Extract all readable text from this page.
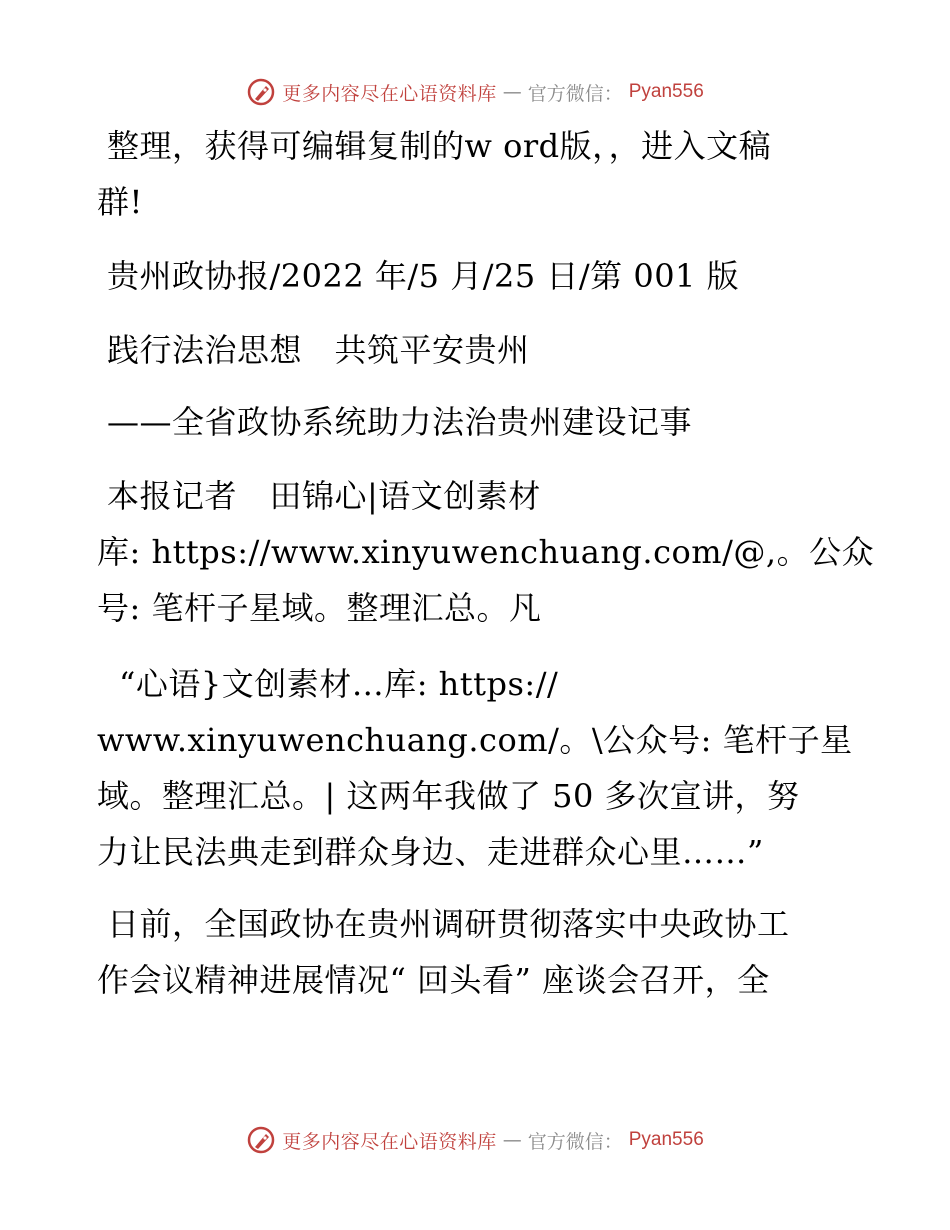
更多内容尽在心语资料库 — 官方微信： Pyan556
整理，获得可编辑复制的w ord版，，进入文稿
群!
贵州政协报/2022 年/5 月/25 日/第 001 版
践行法治思想　共筑平安贵州
——全省政协系统助力法治贵州建设记事
本报记者　田锦心|语文创素材
库: https://www.xinyuwenchuang.com/@,。公众
号: 笔杆子星域。整理汇总。凡
“心语}文创素材…库: https://
www.xinyuwenchuang.com/。\公众号: 笔杆子星
域。整理汇总。| 这两年我做了 50 多次宣讲，努
力让民法典走到群众身边、走进群众心里……”
日前，全国政协在贵州调研贯彻落实中央政协工
作会议精神进展情况“ 回头看” 座谈会召开，全
更多内容尽在心语资料库 — 官方微信： Pyan556
